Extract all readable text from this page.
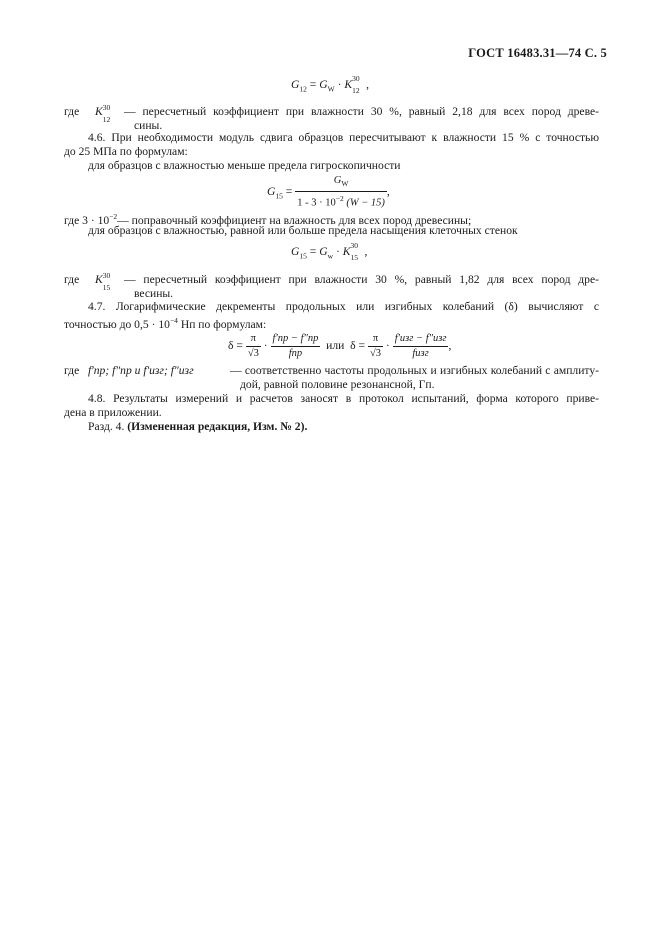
ГОСТ 16483.31—74 С. 5
$G_{12} = G_W \cdot K$ 30
12 ,
где K 30
12
— пересчетный коэффициент при влажности 30 %, равный 2,18 для всех пород древе-
сины.
4.6. При необходимости модуль сдвига образцов пересчитывают к влажности 15 % с точностью
до 25 МПа по формулам:
для образцов с влажностью меньше предела гигроскопичности
$G_{15} = \frac{G_W}{1 - 3 \cdot 10^{-2} (W - 15)}$ ,
где $3 \cdot 10^{-2}—$ поправочный коэффициент на влажность для всех пород древесины;
для образцов с влажностью, равной или больше предела насыщения клеточных стенок
$G_{15} = G_w \cdot K$ 30
15 ,
где K 30
15
— пересчетный коэффициент при влажности 30 %, равный 1,82 для всех пород дре-
весины.
4.7. Логарифмические декременты продольных или изгибных колебаний (δ) вычисляют с
точностью до $0,5 \cdot 10^{-4}$ Нп по формулам:
$\delta = \frac{\pi}{√3} \cdot \frac{f'пр - f''пр}{\text{fпр}}$ или $\delta = \frac{\pi}{√3} \cdot \frac{\text{f′изг − f″изг}}{\text{fизг}}$ ,
где f′пр; f″пр и f′изг; f″изг	— соответственно частоты продольных и изгибных колебаний с амплиту-
дой, равной половине резонансной, Гп.
4.8. Результаты измерений и расчетов заносят в протокол испытаний, форма которого приве-
дена в приложении.
Разд. 4. (Измененная редакция, Изм. № 2).
